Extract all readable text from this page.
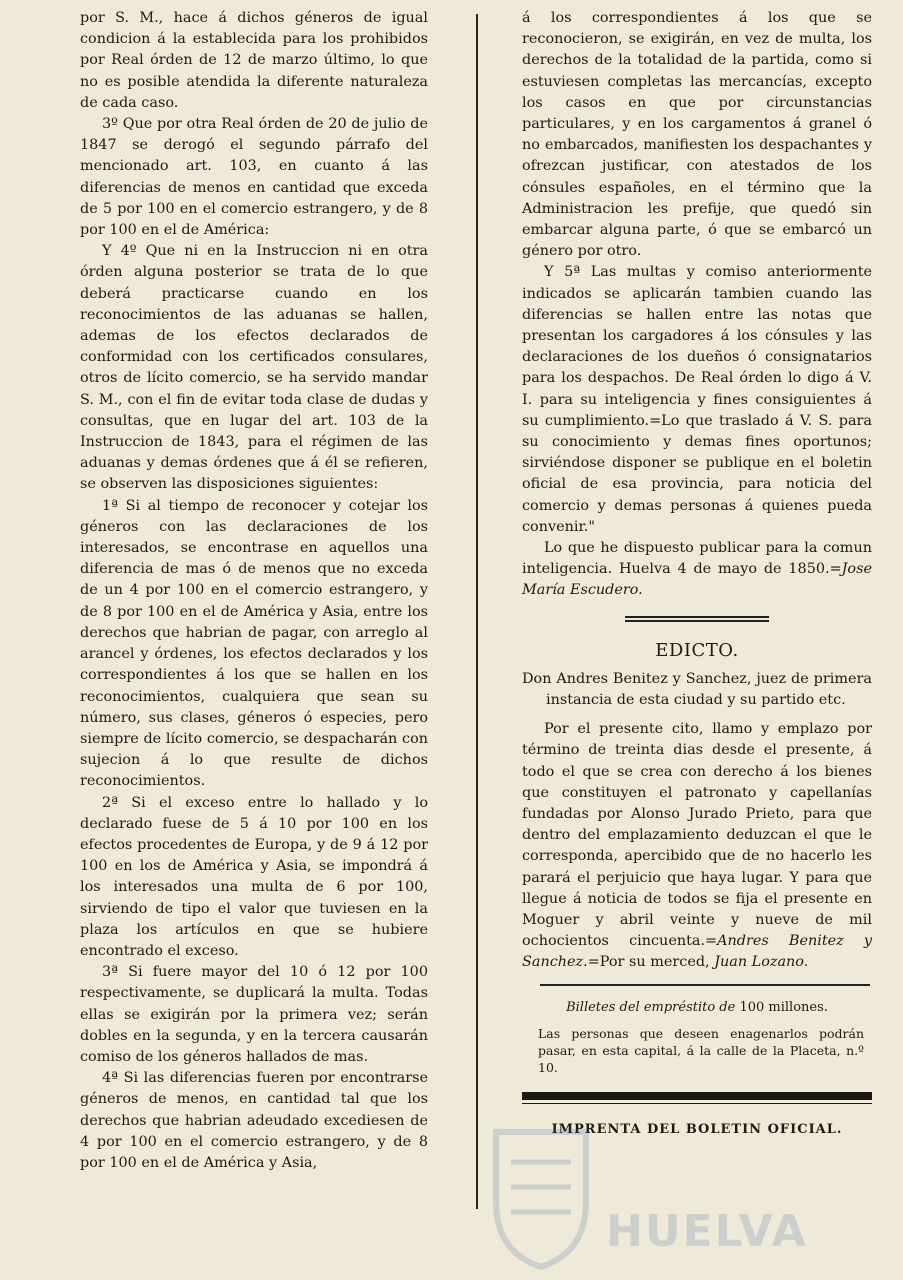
por S. M., hace á dichos géneros de igual condicion á la establecida para los prohibidos por Real órden de 12 de marzo último, lo que no es posible atendida la diferente naturaleza de cada caso.

3º Que por otra Real órden de 20 de julio de 1847 se derogó el segundo párrafo del mencionado art. 103, en cuanto á las diferencias de menos en cantidad que exceda de 5 por 100 en el comercio estrangero, y de 8 por 100 en el de América:

Y 4º Que ni en la Instruccion ni en otra órden alguna posterior se trata de lo que deberá practicarse cuando en los reconocimientos de las aduanas se hallen, ademas de los efectos declarados de conformidad con los certificados consulares, otros de lícito comercio, se ha servido mandar S. M., con el fin de evitar toda clase de dudas y consultas, que en lugar del art. 103 de la Instruccion de 1843, para el régimen de las aduanas y demas órdenes que á él se refieren, se observen las disposiciones siguientes:

1ª Si al tiempo de reconocer y cotejar los géneros con las declaraciones de los interesados, se encontrase en aquellos una diferencia de mas ó de menos que no exceda de un 4 por 100 en el comercio estrangero, y de 8 por 100 en el de América y Asia, entre los derechos que habrian de pagar, con arreglo al arancel y órdenes, los efectos declarados y los correspondientes á los que se hallen en los reconocimientos, cualquiera que sean su número, sus clases, géneros ó especies, pero siempre de lícito comercio, se despacharán con sujecion á lo que resulte de dichos reconocimientos.

2ª Si el exceso entre lo hallado y lo declarado fuese de 5 á 10 por 100 en los efectos procedentes de Europa, y de 9 á 12 por 100 en los de América y Asia, se impondrá á los interesados una multa de 6 por 100, sirviendo de tipo el valor que tuviesen en la plaza los artículos en que se hubiere encontrado el exceso.

3ª Si fuere mayor del 10 ó 12 por 100 respectivamente, se duplicará la multa. Todas ellas se exigirán por la primera vez; serán dobles en la segunda, y en la tercera causarán comiso de los géneros hallados de mas.

4ª Si las diferencias fueren por encontrarse géneros de menos, en cantidad tal que los derechos que habrian adeudado excediesen de 4 por 100 en el comercio estrangero, y de 8 por 100 en el de América y Asia,

á los correspondientes á los que se reconocieron, se exigirán, en vez de multa, los derechos de la totalidad de la partida, como si estuviesen completas las mercancías, excepto los casos en que por circunstancias particulares, y en los cargamentos á granel ó no embarcados, manifiesten los despachantes y ofrezcan justificar, con atestados de los cónsules españoles, en el término que la Administracion les prefije, que quedó sin embarcar alguna parte, ó que se embarcó un género por otro.

Y 5ª Las multas y comiso anteriormente indicados se aplicarán tambien cuando las diferencias se hallen entre las notas que presentan los cargadores á los cónsules y las declaraciones de los dueños ó consignatarios para los despachos. De Real órden lo digo á V. I. para su inteligencia y fines consiguientes á su cumplimiento.=Lo que traslado á V. S. para su conocimiento y demas fines oportunos; sirviéndose disponer se publique en el boletin oficial de esa provincia, para noticia del comercio y demas personas á quienes pueda convenir."

Lo que he dispuesto publicar para la comun inteligencia. Huelva 4 de mayo de 1850.=Jose María Escudero.

EDICTO.

Don Andres Benitez y Sanchez, juez de primera instancia de esta ciudad y su partido etc.

Por el presente cito, llamo y emplazo por término de treinta dias desde el presente, á todo el que se crea con derecho á los bienes que constituyen el patronato y capellanías fundadas por Alonso Jurado Prieto, para que dentro del emplazamiento deduzcan el que le corresponda, apercibido que de no hacerlo les parará el perjuicio que haya lugar. Y para que llegue á noticia de todos se fija el presente en Moguer y abril veinte y nueve de mil ochocientos cincuenta.=Andres Benitez y Sanchez.=Por su merced, Juan Lozano.

Billetes del empréstito de 100 millones.
Las personas que deseen enagenarlos podrán pasar, en esta capital, á la calle de la Placeta, n.º 10.
IMPRENTA DEL BOLETIN OFICIAL.
HUELVA
